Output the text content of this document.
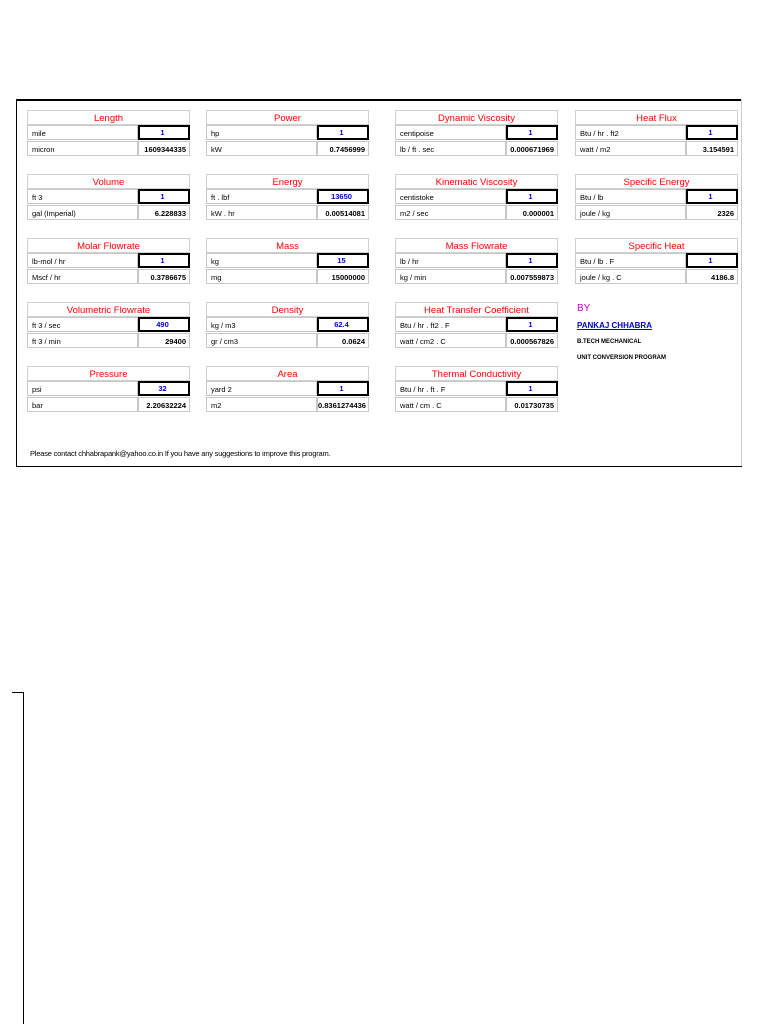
Length
mile	1
micron	1609344335
Power
hp	1
kW	0.7456999
Dynamic Viscosity
centipoise	1
lb / ft . sec	0.000671969
Heat Flux
Btu / hr . ft2	1
watt / m2	3.154591
Volume
ft 3	1
gal (Imperial)	6.228833
Energy
ft . lbf	13650
kW . hr	0.00514081
Kinematic Viscosity
centistoke	1
m2 / sec	0.000001
Specific Energy
Btu / lb	1
joule / kg	2326
Molar Flowrate
lb-mol / hr	1
Mscf / hr	0.3786675
Mass
kg	15
mg	15000000
Mass Flowrate
lb / hr	1
kg / min	0.007559873
Specific Heat
Btu / lb . F	1
joule / kg . C	4186.8
Volumetric Flowrate
ft 3 / sec	490
ft 3 / min	29400
Density
kg / m3	62.4
gr / cm3	0.0624
Heat Transfer Coefficient
Btu / hr . ft2 . F	1
watt / cm2 . C	0.000567826
Pressure
psi	32
bar	2.20632224
Area
yard 2	1
m2	0.8361274436
Thermal Conductivity
Btu / hr . ft . F	1
watt / cm . C	0.01730735
BY
PANKAJ CHHABRA
B.TECH MECHANICAL
UNIT CONVERSION PROGRAM
Please contact chhabrapank@yahoo.co.in If you have any suggestions to improve this program.
